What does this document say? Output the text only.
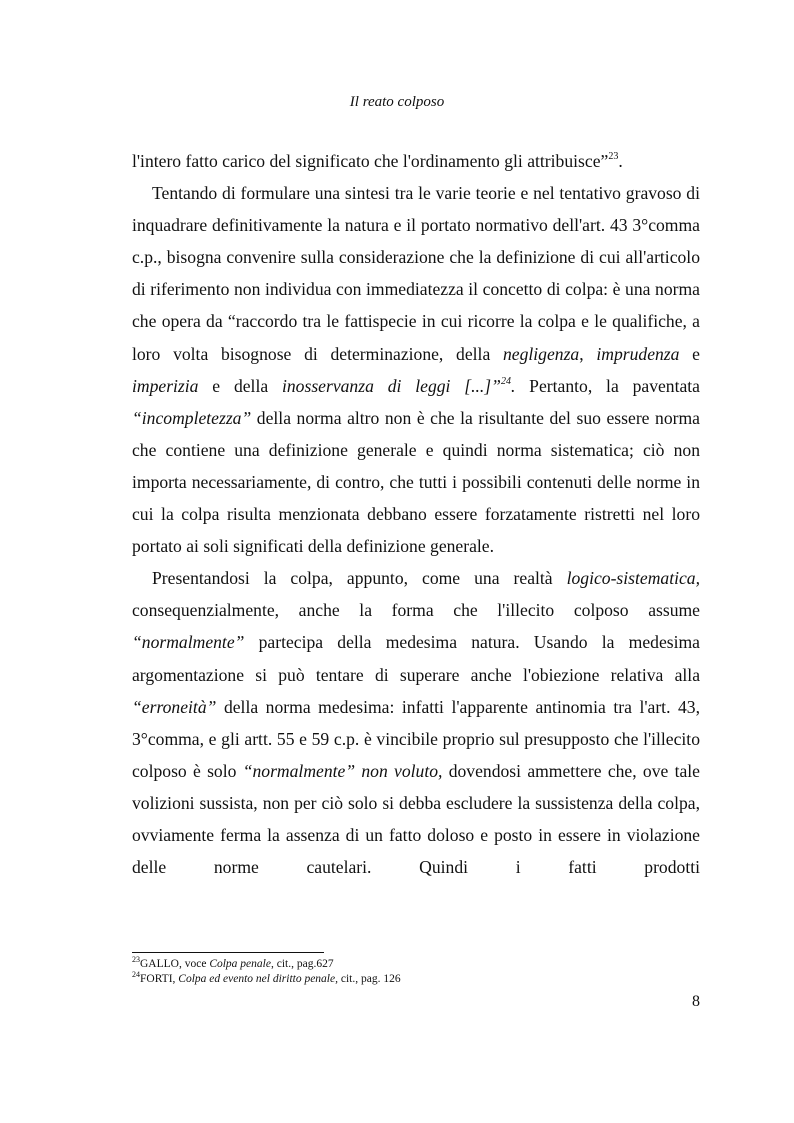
Il reato colposo

l'intero fatto carico del significato che l'ordinamento gli attribuisce”$^{23}$.

Tentando di formulare una sintesi tra le varie teorie e nel tentativo gravoso di inquadrare definitivamente la natura e il portato normativo dell'art. 43 3°comma c.p., bisogna convenire sulla considerazione che la definizione di cui all'articolo di riferimento non individua con immediatezza il concetto di colpa: è una norma che opera da “raccordo tra le fattispecie in cui ricorre la colpa e le qualifiche, a loro volta bisognose di determinazione, della negligenza, imprudenza e imperizia e della inosservanza di leggi [...]”$^{24}$. Pertanto, la paventata “incompletezza” della norma altro non è che la risultante del suo essere norma che contiene una definizione generale e quindi norma sistematica; ciò non importa necessariamente, di contro, che tutti i possibili contenuti delle norme in cui la colpa risulta menzionata debbano essere forzatamente ristretti nel loro portato ai soli significati della definizione generale.

Presentandosi la colpa, appunto, come una realtà logico-sistematica, consequenzialmente, anche la forma che l'illecito colposo assume “normalmente” partecipa della medesima natura. Usando la medesima argomentazione si può tentare di superare anche l'obiezione relativa alla “erroneità” della norma medesima: infatti l'apparente antinomia tra l'art. 43, 3°comma, e gli artt. 55 e 59 c.p. è vincibile proprio sul presupposto che l'illecito colposo è solo “normalmente” non voluto, dovendosi ammettere che, ove tale volizioni sussista, non per ciò solo si debba escludere la sussistenza della colpa, ovviamente ferma la assenza di un fatto doloso e posto in essere in violazione delle norme cautelari. Quindi i fatti prodotti

$^{23}$GALLO, voce Colpa penale, cit., pag.627
$^{24}$FORTI, Colpa ed evento nel diritto penale, cit., pag. 126
8
